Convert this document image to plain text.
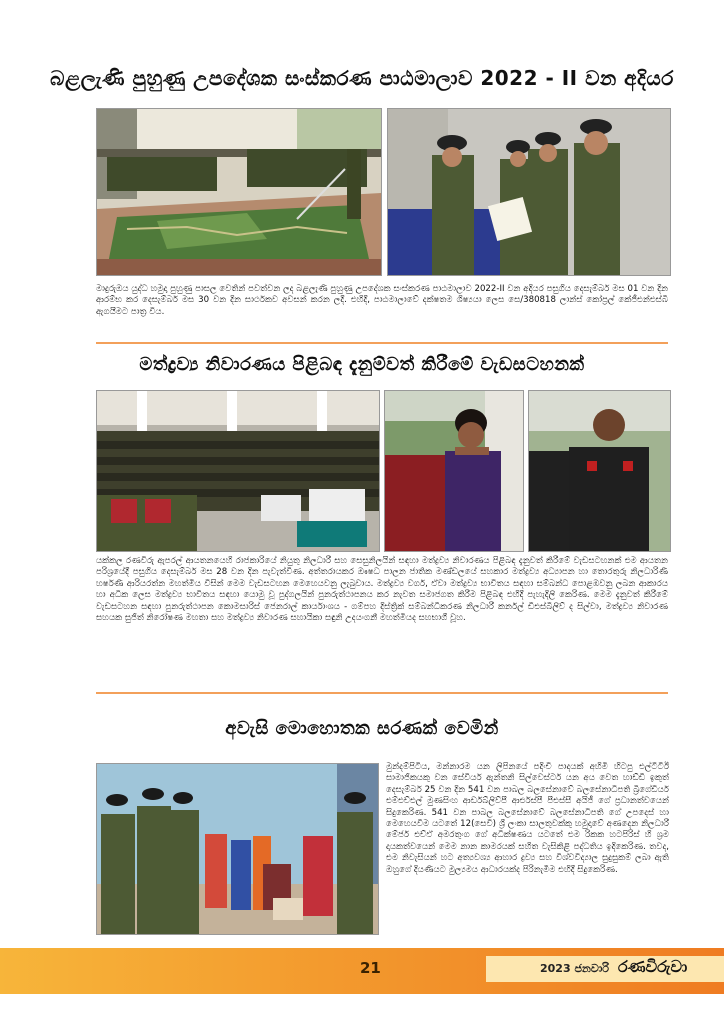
බළලැණි පුහුණු උපදේශක සංස්කරණ පාඨමාලාව 2022 - II වන අදියර

මාදුරුඔය යුද්ධ හමුදා පුහුණු පාසල වෙතින් පවත්වන ලද බළලැණි පුහුණු උපදේශක සංස්කරණ පාඨමාලාව 2022-II වන අදියර පසුගිය දෙසැම්බර් මස 01 වන දින ආරම්භ කර දෙසැම්බර් මස 30 වන දින සාර්ථකව අවසන් කරන ලදී. එහිදී, පාඨමාලාවේ දක්ෂතම ශිෂ්‍යයා ලෙස සෙ/380818 ලාන්ස් කෝප්‍රල් කේජීඑන්එස්බී ඇගයීමට පාත්‍ර විය.

මත්ද්‍රව්‍ය නිවාරණය පිළිබඳ දැනුම්වත් කිරීමේ වැඩසටහනක්

යක්කල රණවිරු ඇපරල් ආයතනයෙහි රාජකාරියේ නියුතු නිලධාරී සහ සෙසුනිලයින් සඳහා මත්ද්‍රව්‍ය නිවාරණය පිළිබඳ දැනුවත් කිරීමේ වැඩසටහනක් එම ආයතන පරිශ්‍රයේදී පසුගිය දෙසැම්බර් මස 28 වන දින පැවැත්විණ. අත්තරායකර ඖෂධ පාලන ජාතික මණ්ඩලයේ සහකාර මත්ද්‍රව්‍ය අධ්‍යාපන හා තොරතුරු නිලධාරිණී හර්ෂණී ආරියරත්න මහත්මිය විසින් මෙම වැඩසටහන මෙහෙයවනු ලැබුවාය. මත්ද්‍රව්‍ය වර්ග, ඒවා මත්ද්‍රව්‍ය භාවිතය සඳහා සම්බන්ධ පොළඹවනු ලබන ආකාරය හා අධික ලෙස මත්ද්‍රව්‍ය භාවිතය සඳහා යොමු වූ පුද්ගලයින් පුනරුත්ථාපනය කර නැවත සමාජගත කිරීම පිළිබඳ එහිදී පැහැදිලි කෙරිණ. මෙම දැනුවත් කිරීමේ වැඩසටහන සඳහා පුනරුත්ථාපන කොමසාරිස් ජෙනරාල් කාර්යාංශය - ගම්පහ දිස්ත්‍රික් සම්බන්ධීකරණ නිලධාරී කර්නල් ඩීඑස්බීලිව් ද සිල්වා, මත්ද්‍රව්‍ය නිවාරණ සහයක සුජිත් නිරෝෂණ මහතා සහ මත්ද්‍රව්‍ය නිවාරණ සහායිකා සඳුනි උදයංගනී මහත්මියද සහභාගී වූහ.

අවැසි මොහොතක සරණක් වෙමින්

මුන්දම්පිටිය, මන්නාරම යන ලිපිනයේ පදිංචි පාදයක් අහිමි හිටපු එල්ටීටීඊ සාමාජිකයකු වන සේවියර් ඇන්තනි සිල්වෙස්ටර් යන අය වෙත හාඩ්ඩී ඉකුත් දෙසැම්බර් 25 වන දින 541 වන පාබල බලසේනාවේ බලසේනාධිපති බ්‍රිගේඩියර් එම්එච්එල් මුණසිංහ ආර්ඩබ්ලිව්පී ආර්එස්පී පීඑස්සී අයිජී ගේ ප්‍රධානත්වයෙන් සිදුකෙරිණ. 541 වන පාබල බලසේනාවේ බලසේනාධිපති ගේ උපදෙස් හා මෙහෙයවීම යටතේ 12(සෙවි) ශ්‍රී ලංකා සාලතුවක්කු හමුදාවේ අණදෙන නිලධාරී මේජර් එච්ඒ අමරතුංග ගේ අධීක්ෂණය යටතේ එම රිකක හටපිරිස් හි ශ්‍රම දායකත්වයෙන් මෙම නාන කාමරයක් සහිත වැසිකිළි පද්ධතිය ඉදිකෙරිණ. තවද, එම නිවැසියන් හට අත්‍යවශ්‍ය ආහාර ද්‍රව්‍ය සහ විශ්වවිද්‍යාල සුදුසුකම් ලබා ඇති ඔහුගේ දියණියට මුල්‍යමය ආධාරයක්ද පිරිනැමීම එහිදී සිදුකෙරිණ.

21	2023 ජනවාරි රණවිරුවා
